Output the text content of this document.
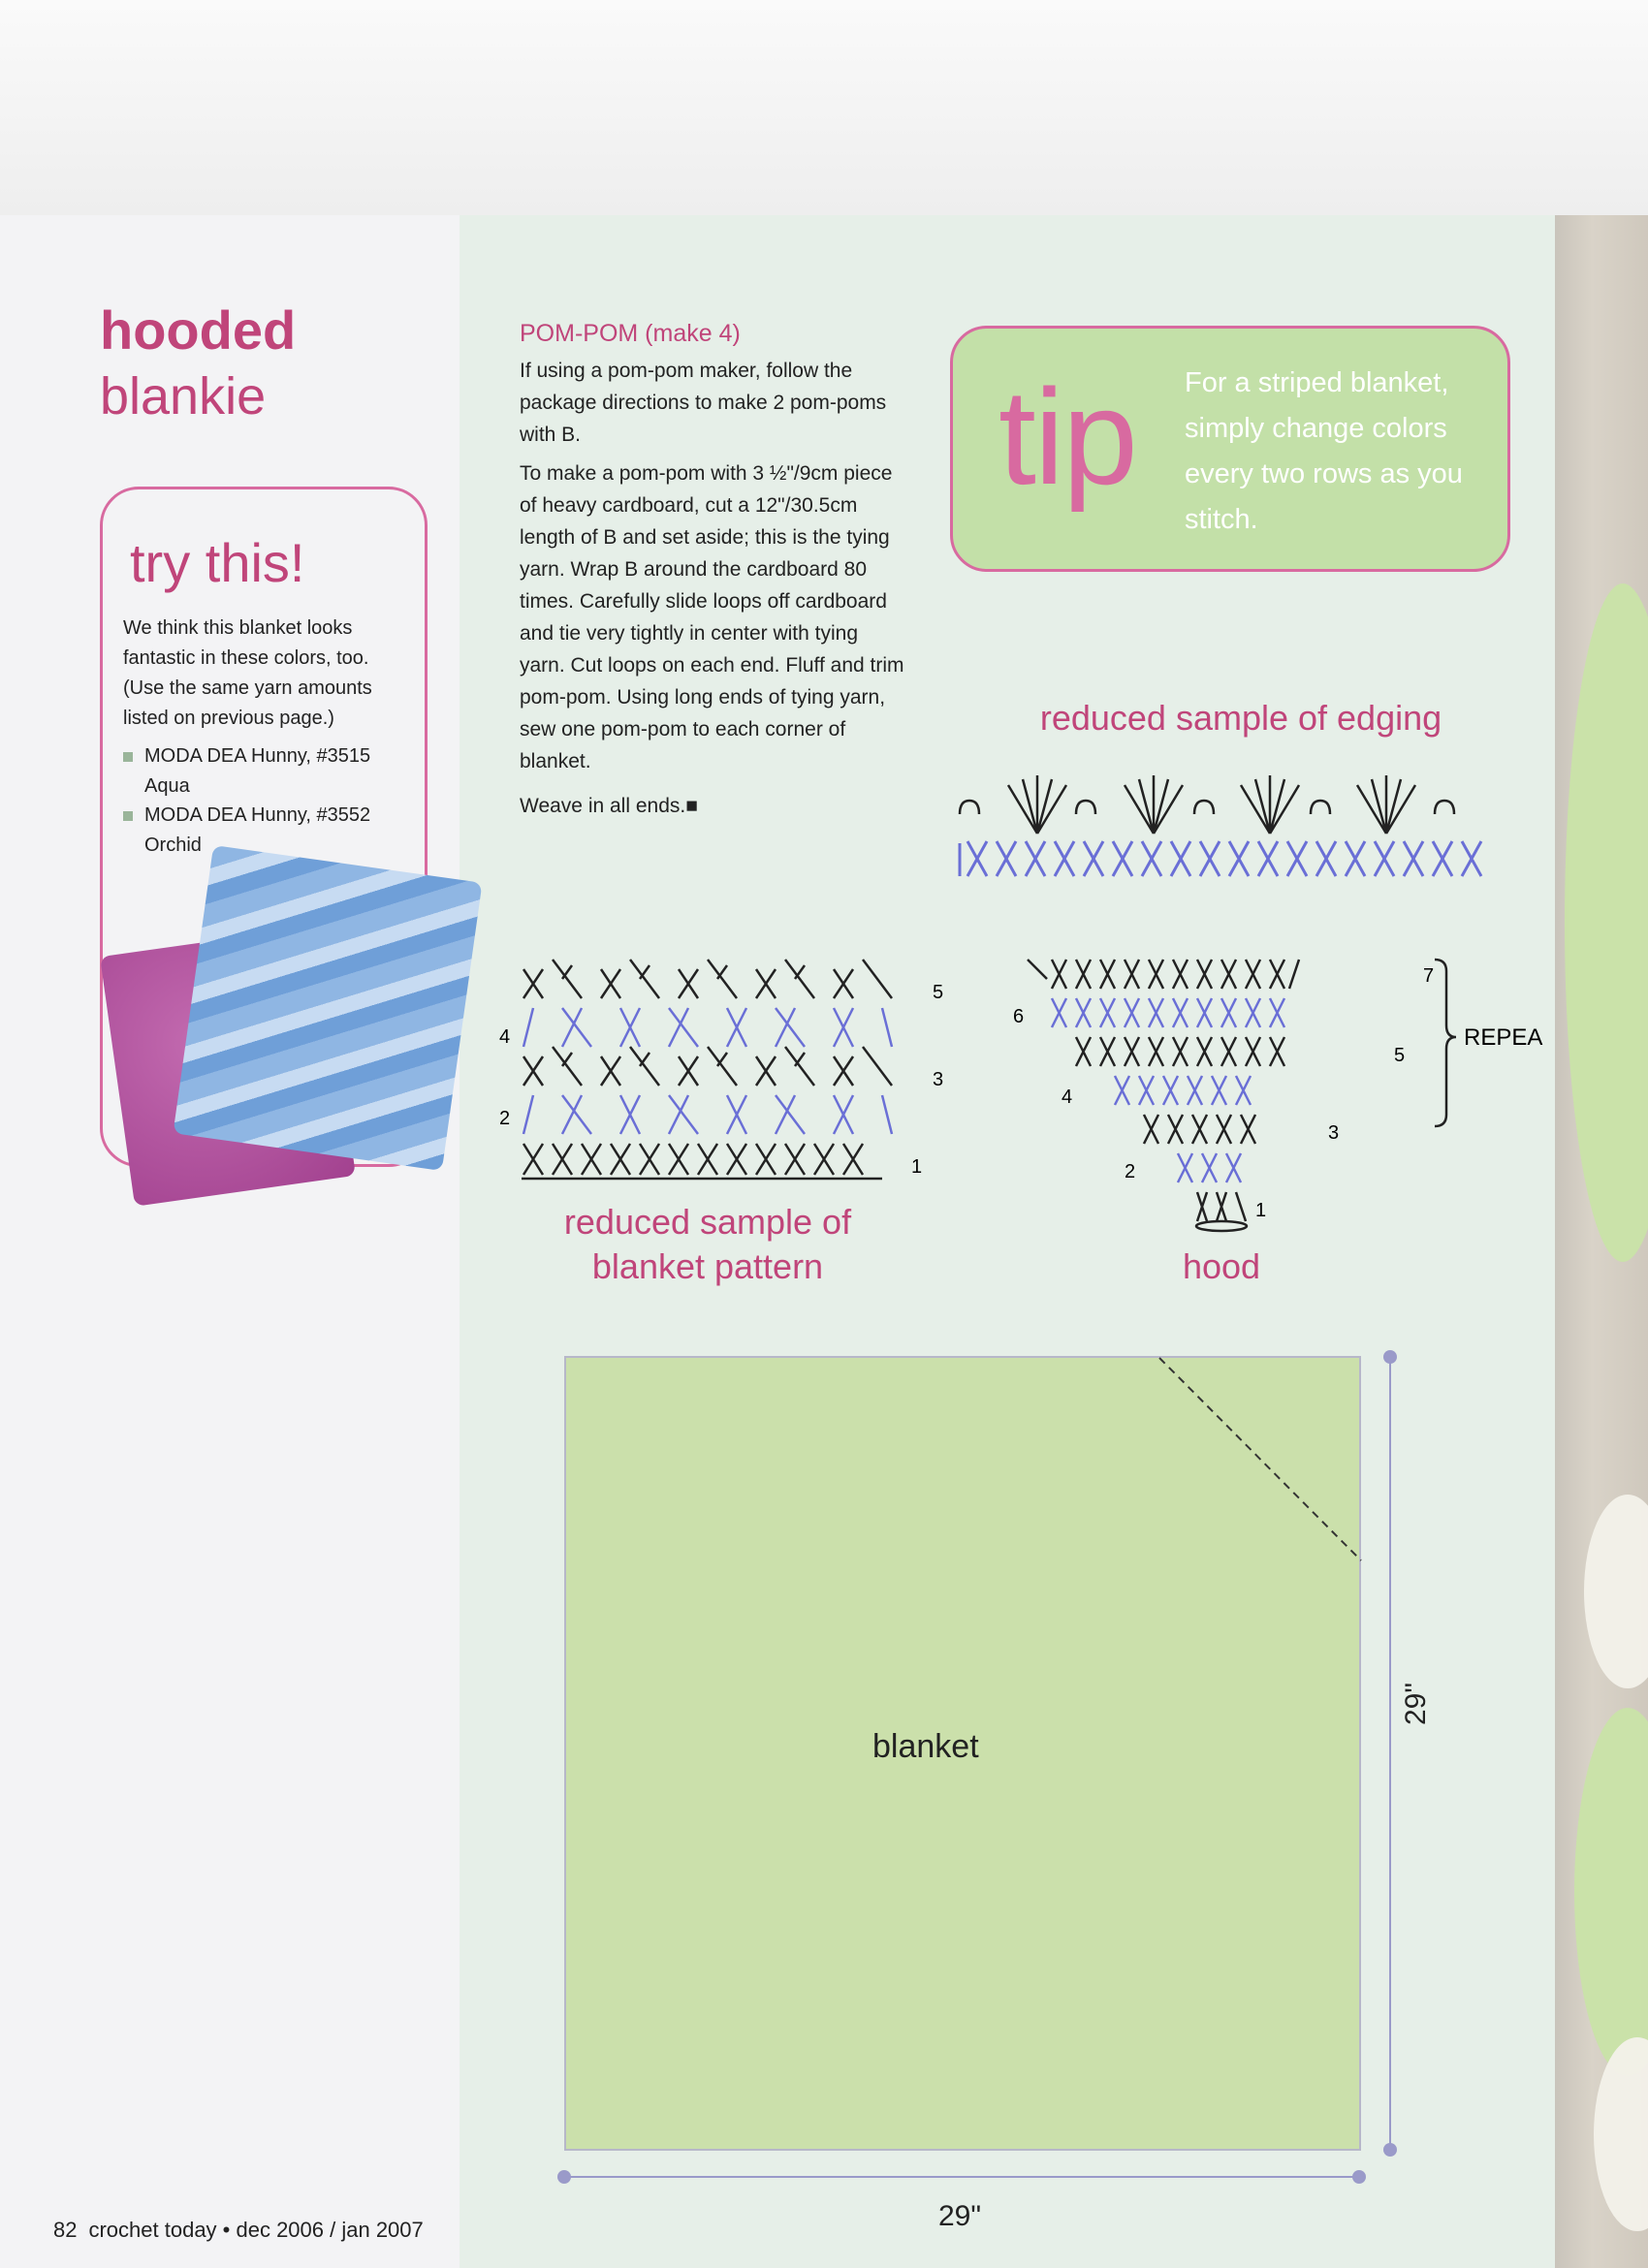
hooded
blankie
try this!
We think this blanket looks fantastic in these colors, too. (Use the same yarn amounts listed on previous page.)
MODA DEA Hunny, #3515
Aqua
MODA DEA Hunny, #3552
Orchid
POM-POM (make 4)
If using a pom-pom maker, follow the package directions to make 2 pom-poms with B.
To make a pom-pom with 3 ½"/9cm piece of heavy cardboard, cut a 12"/30.5cm length of B and set aside; this is the tying yarn. Wrap B around the cardboard 80 times. Carefully slide loops off cardboard and tie very tightly in center with tying yarn. Cut loops on each end. Fluff and trim pom-pom. Using long ends of tying yarn, sew one pom-pom to each corner of blanket.
Weave in all ends.■
tip For a striped blanket, simply change colors every two rows as you stitch.
reduced sample of edging
1
2
3
4
5
reduced sample of
blanket pattern
REPEA
1
2
3
4
5
6
7
hood
blanket
29"
29"
82 crochet today • dec 2006 / jan 2007
